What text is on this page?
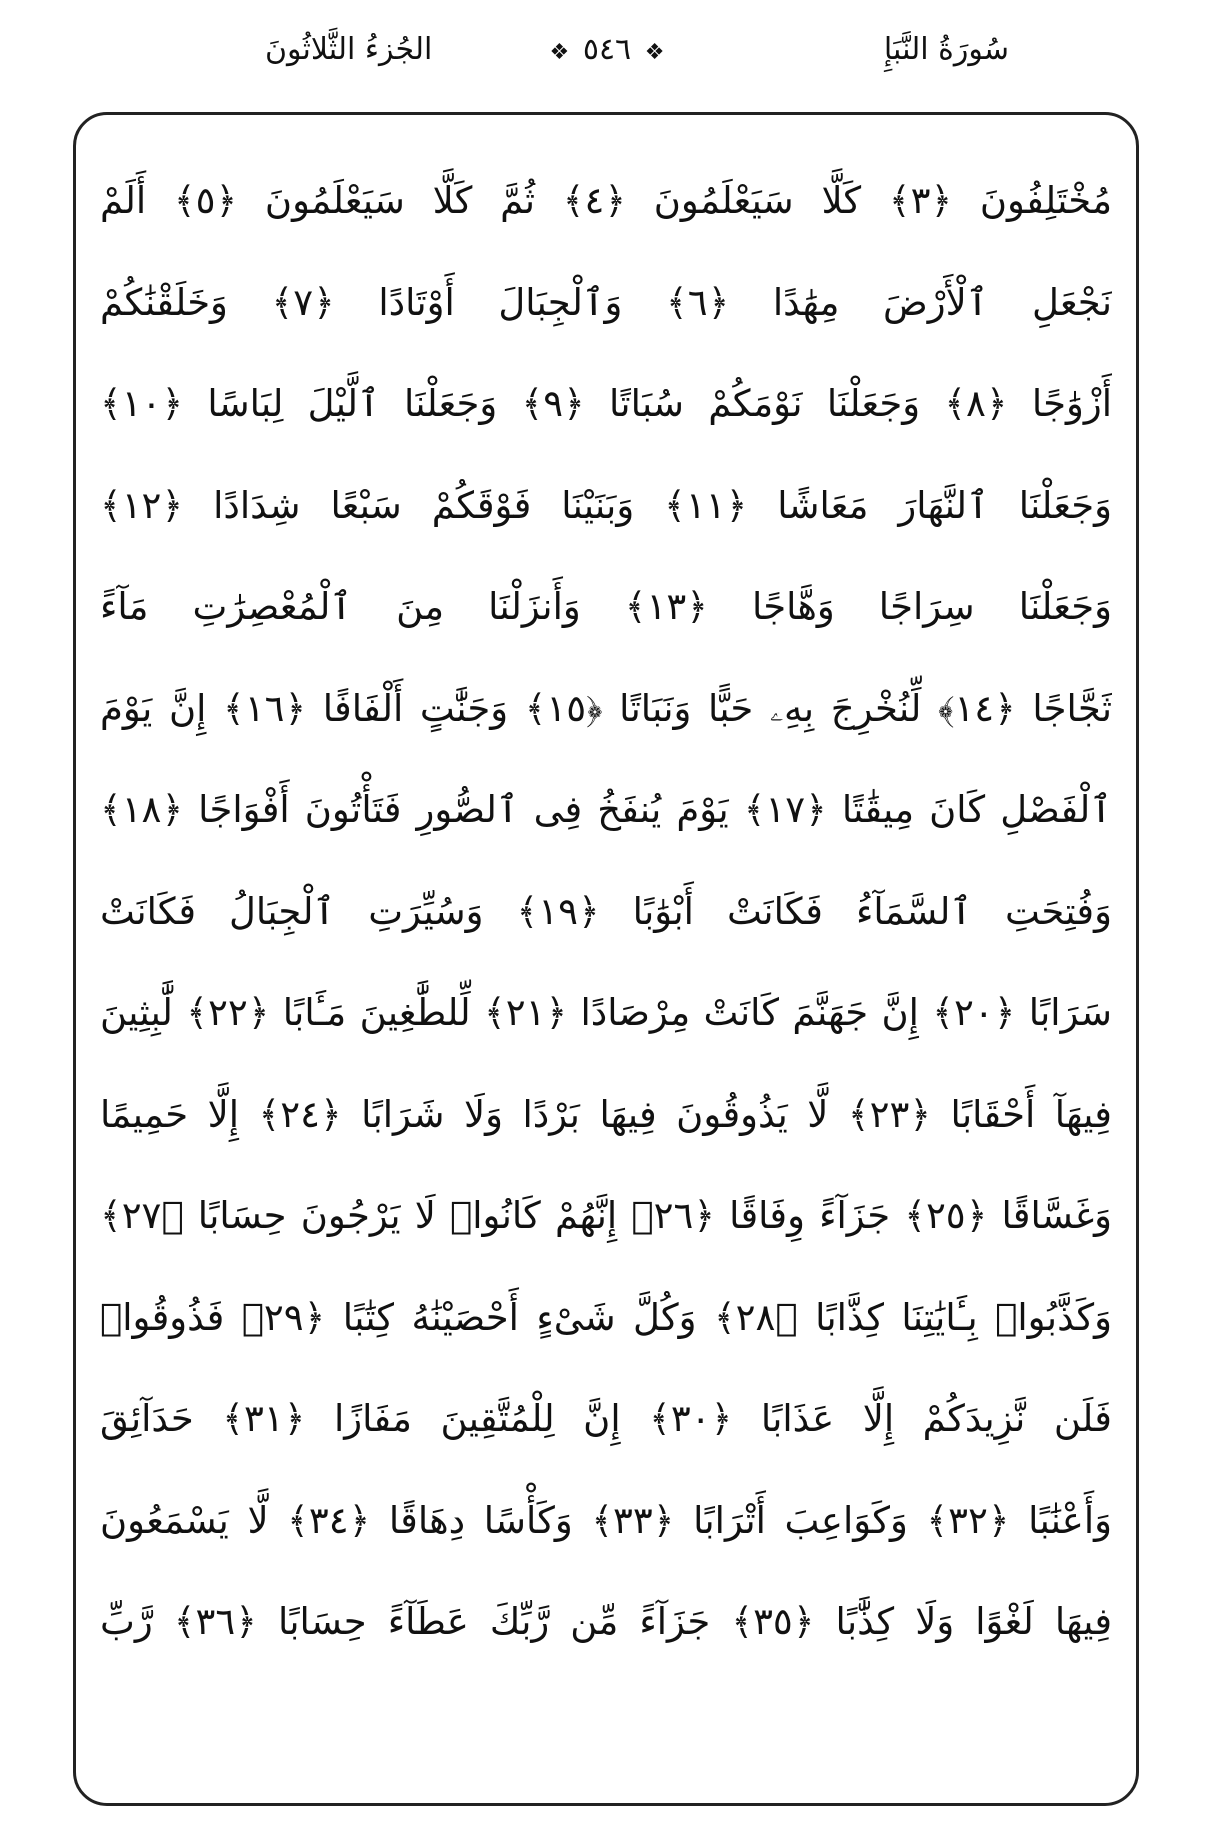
سُورَةُ النَّبَإِ
❖ ٥٤٦ ❖
الجُزءُ الثَّلاثُونَ
مُخْتَلِفُونَ ﴿٣﴾ كَلَّا سَيَعْلَمُونَ ﴿٤﴾ ثُمَّ كَلَّا سَيَعْلَمُونَ ﴿٥﴾ أَلَمْ
نَجْعَلِ ٱلْأَرْضَ مِهَٰدًا ﴿٦﴾ وَٱلْجِبَالَ أَوْتَادًا ﴿٧﴾ وَخَلَقْنَٰكُمْ
أَزْوَٰجًا ﴿٨﴾ وَجَعَلْنَا نَوْمَكُمْ سُبَاتًا ﴿٩﴾ وَجَعَلْنَا ٱلَّيْلَ لِبَاسًا ﴿١٠﴾
وَجَعَلْنَا ٱلنَّهَارَ مَعَاشًا ﴿١١﴾ وَبَنَيْنَا فَوْقَكُمْ سَبْعًا شِدَادًا ﴿١٢﴾
وَجَعَلْنَا سِرَاجًا وَهَّاجًا ﴿١٣﴾ وَأَنزَلْنَا مِنَ ٱلْمُعْصِرَٰتِ مَآءً
ثَجَّاجًا ﴿١٤﴾ لِّنُخْرِجَ بِهِۦ حَبًّا وَنَبَاتًا ﴿١٥﴾ وَجَنَّٰتٍ أَلْفَافًا ﴿١٦﴾ إِنَّ يَوْمَ
ٱلْفَصْلِ كَانَ مِيقَٰتًا ﴿١٧﴾ يَوْمَ يُنفَخُ فِى ٱلصُّورِ فَتَأْتُونَ أَفْوَاجًا ﴿١٨﴾
وَفُتِحَتِ ٱلسَّمَآءُ فَكَانَتْ أَبْوَٰبًا ﴿١٩﴾ وَسُيِّرَتِ ٱلْجِبَالُ فَكَانَتْ
سَرَابًا ﴿٢٠﴾ إِنَّ جَهَنَّمَ كَانَتْ مِرْصَادًا ﴿٢١﴾ لِّلطَّٰغِينَ مَـَٔابًا ﴿٢٢﴾ لَّٰبِثِينَ
فِيهَآ أَحْقَابًا ﴿٢٣﴾ لَّا يَذُوقُونَ فِيهَا بَرْدًا وَلَا شَرَابًا ﴿٢٤﴾ إِلَّا حَمِيمًا
وَغَسَّاقًا ﴿٢٥﴾ جَزَآءً وِفَاقًا ﴿٢٦﴾ إِنَّهُمْ كَانُوا۟ لَا يَرْجُونَ حِسَابًا ﴿٢٧﴾
وَكَذَّبُوا۟ بِـَٔايَٰتِنَا كِذَّابًا ﴿٢٨﴾ وَكُلَّ شَىْءٍ أَحْصَيْنَٰهُ كِتَٰبًا ﴿٢٩﴾ فَذُوقُوا۟
فَلَن نَّزِيدَكُمْ إِلَّا عَذَابًا ﴿٣٠﴾ إِنَّ لِلْمُتَّقِينَ مَفَازًا ﴿٣١﴾ حَدَآئِقَ
وَأَعْنَٰبًا ﴿٣٢﴾ وَكَوَاعِبَ أَتْرَابًا ﴿٣٣﴾ وَكَأْسًا دِهَاقًا ﴿٣٤﴾ لَّا يَسْمَعُونَ
فِيهَا لَغْوًا وَلَا كِذَّٰبًا ﴿٣٥﴾ جَزَآءً مِّن رَّبِّكَ عَطَآءً حِسَابًا ﴿٣٦﴾ رَّبِّ
